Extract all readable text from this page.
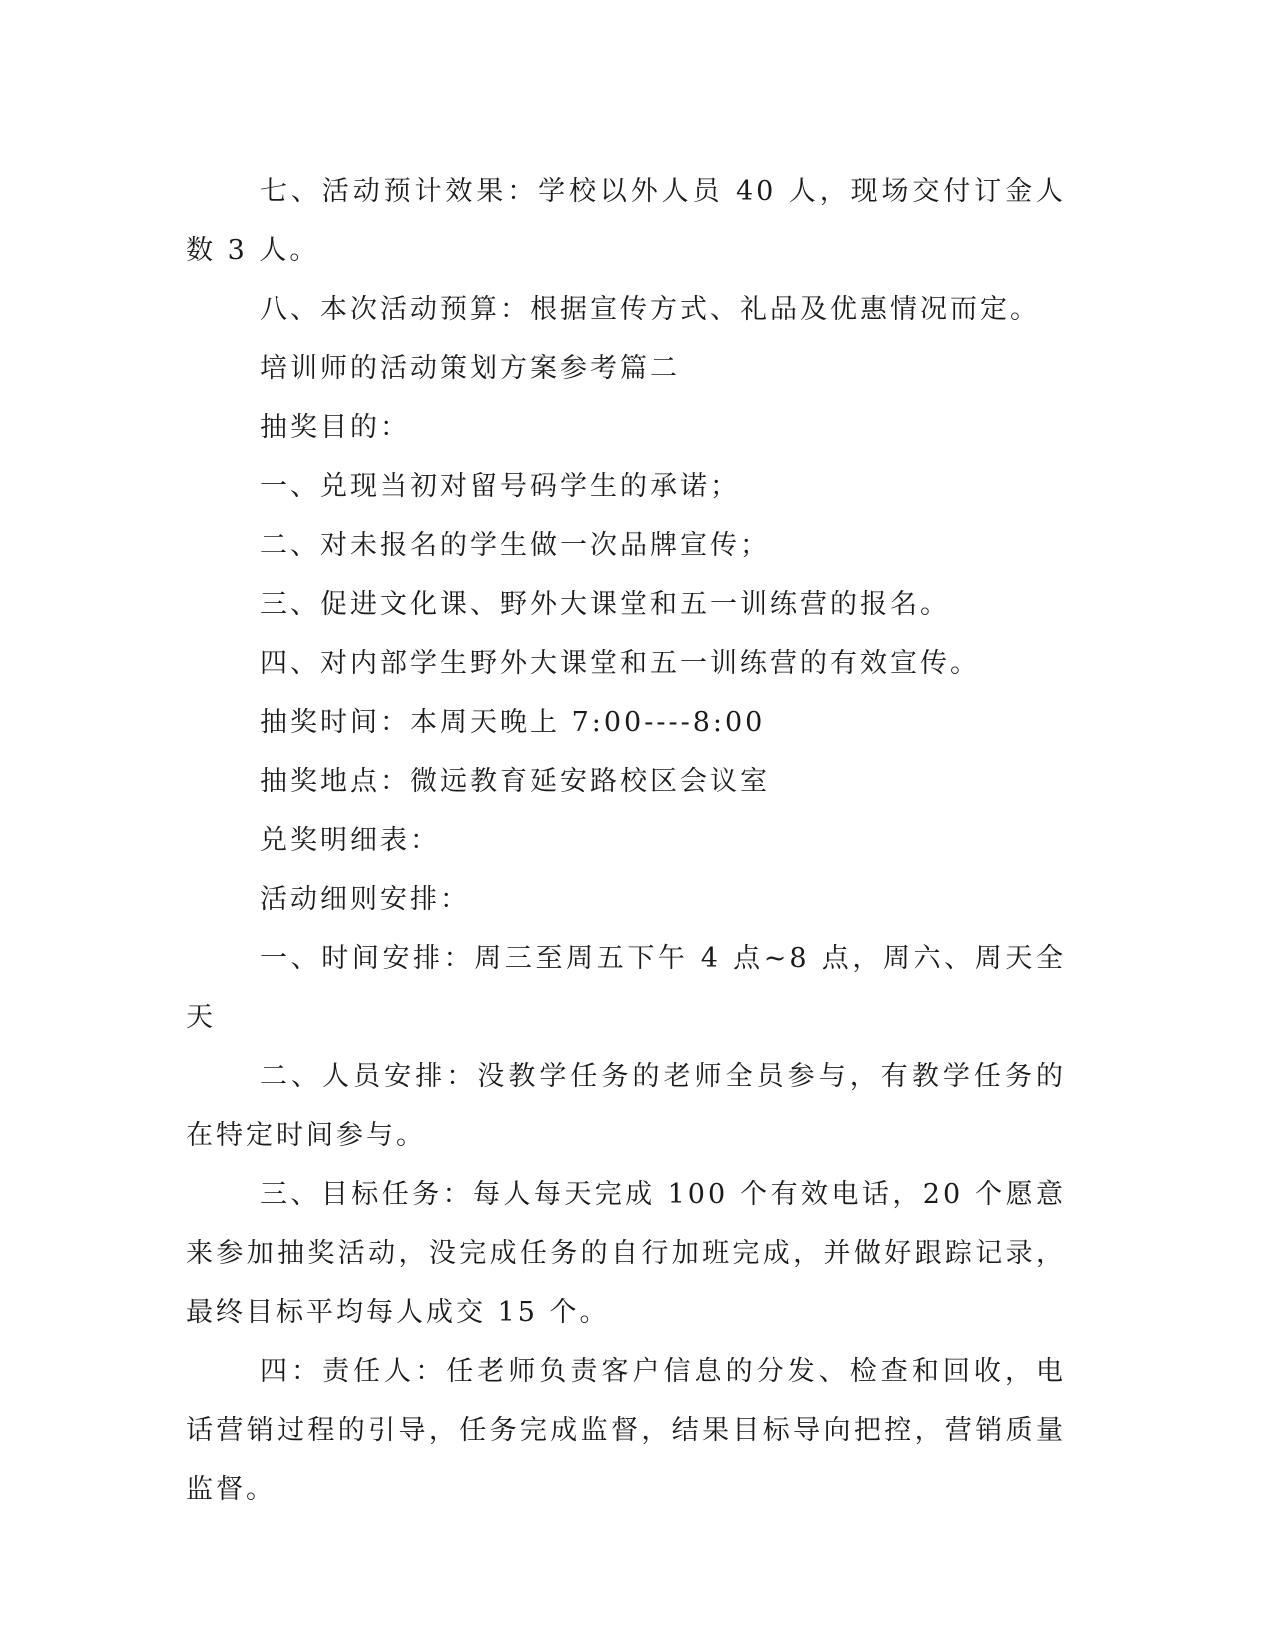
七、活动预计效果：学校以外人员 40 人，现场交付订金人数 3 人。

八、本次活动预算：根据宣传方式、礼品及优惠情况而定。

培训师的活动策划方案参考篇二

抽奖目的：

一、兑现当初对留号码学生的承诺；

二、对未报名的学生做一次品牌宣传；

三、促进文化课、野外大课堂和五一训练营的报名。

四、对内部学生野外大课堂和五一训练营的有效宣传。

抽奖时间：本周天晚上 7:00----8:00

抽奖地点：微远教育延安路校区会议室

兑奖明细表：

活动细则安排：

一、时间安排：周三至周五下午 4 点~8 点，周六、周天全天

二、人员安排：没教学任务的老师全员参与，有教学任务的在特定时间参与。

三、目标任务：每人每天完成 100 个有效电话，20 个愿意来参加抽奖活动，没完成任务的自行加班完成，并做好跟踪记录，最终目标平均每人成交 15 个。

四：责任人：任老师负责客户信息的分发、检查和回收，电话营销过程的引导，任务完成监督，结果目标导向把控，营销质量监督。
